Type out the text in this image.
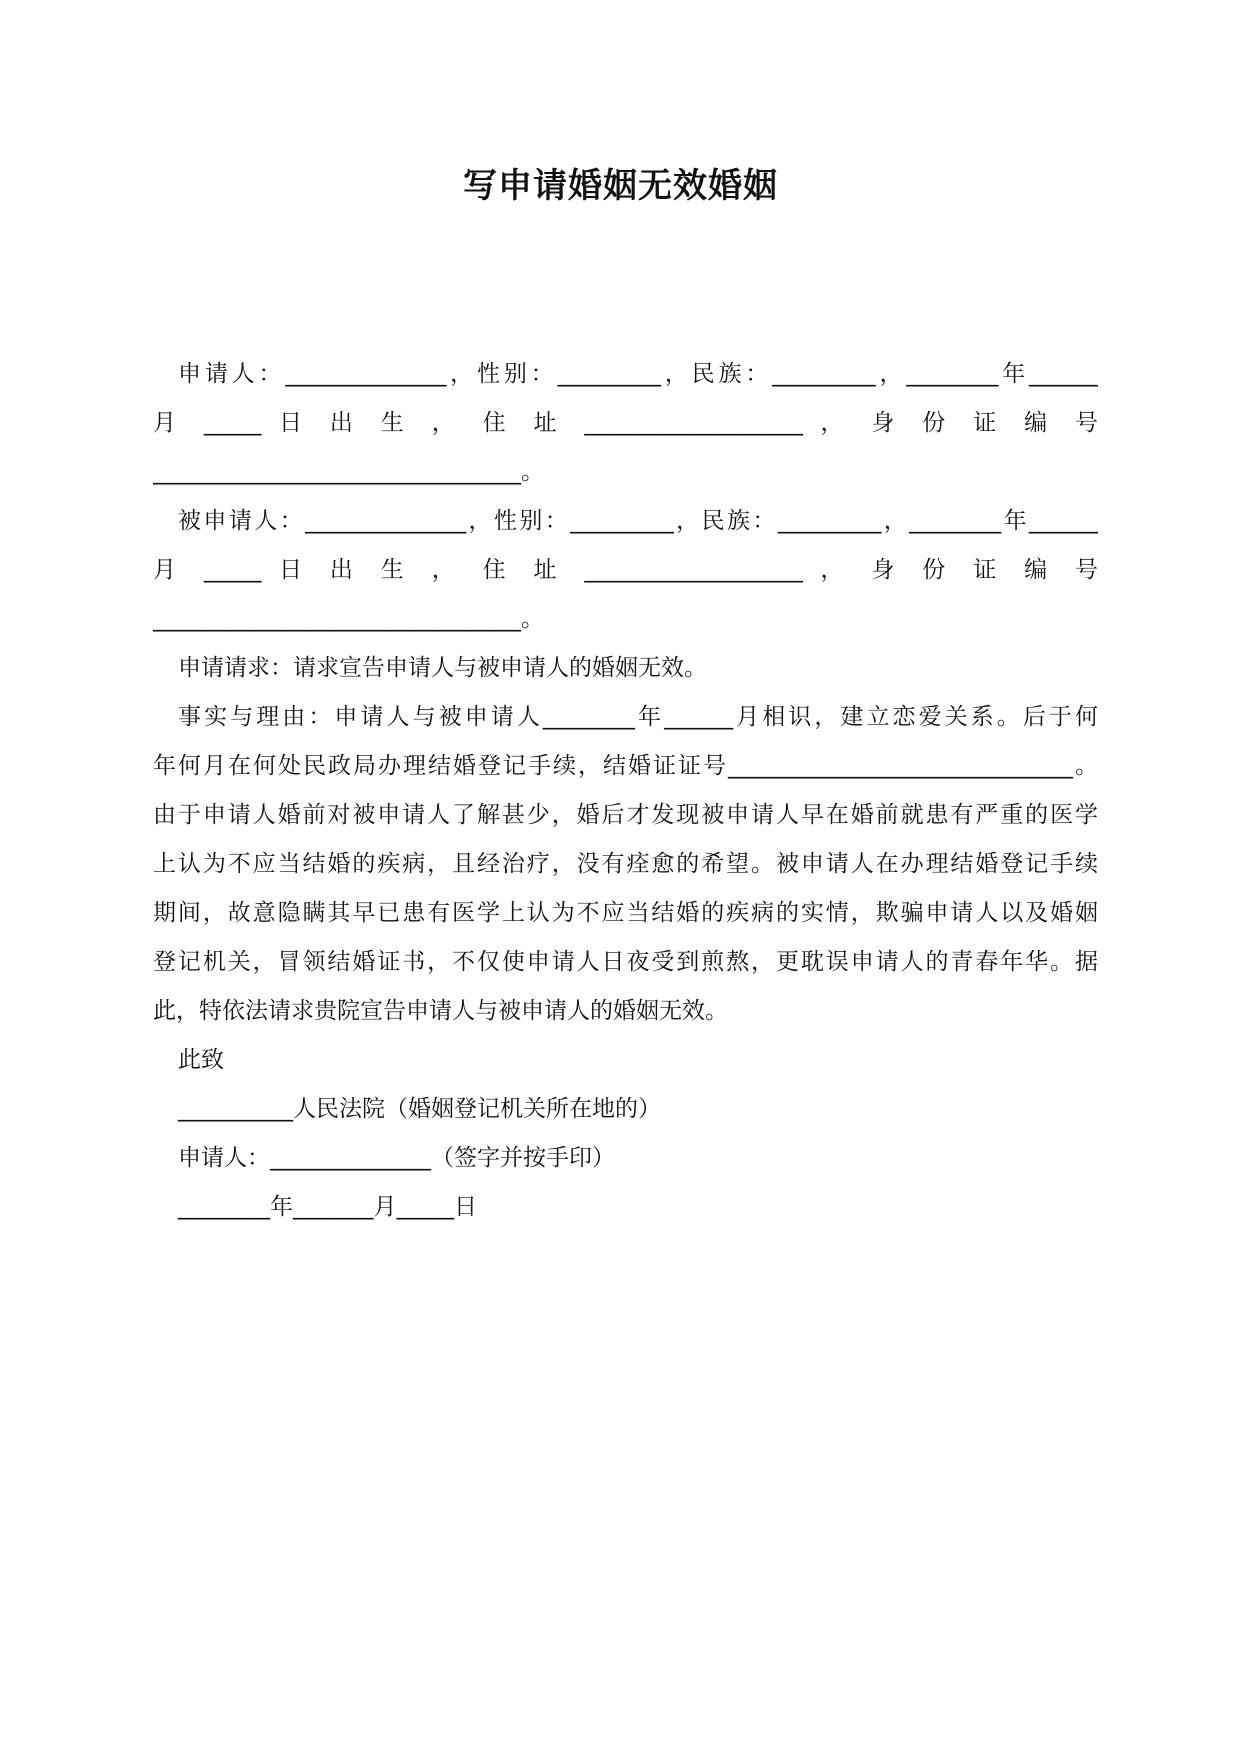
写申请婚姻无效婚姻
申请人：______________，性别：_________，民族：_________，________年______
月 _____ 日 出 生 ， 住 址 ___________________ ， 身 份 证 编 号
________________________________。
被申请人：______________，性别：_________，民族：_________，________年______
月 _____ 日 出 生 ， 住 址 ___________________ ， 身 份 证 编 号
________________________________。
申请请求：请求宣告申请人与被申请人的婚姻无效。
事实与理由：申请人与被申请人________年______月相识，建立恋爱关系。后于何
年何月在何处民政局办理结婚登记手续，结婚证证号______________________________。
由于申请人婚前对被申请人了解甚少，婚后才发现被申请人早在婚前就患有严重的医学
上认为不应当结婚的疾病，且经治疗，没有痊愈的希望。被申请人在办理结婚登记手续
期间，故意隐瞒其早已患有医学上认为不应当结婚的疾病的实情，欺骗申请人以及婚姻
登记机关，冒领结婚证书，不仅使申请人日夜受到煎熬，更耽误申请人的青春年华。据
此，特依法请求贵院宣告申请人与被申请人的婚姻无效。
此致
__________人民法院（婚姻登记机关所在地的）
申请人：______________（签字并按手印）
________年_______月_____日
